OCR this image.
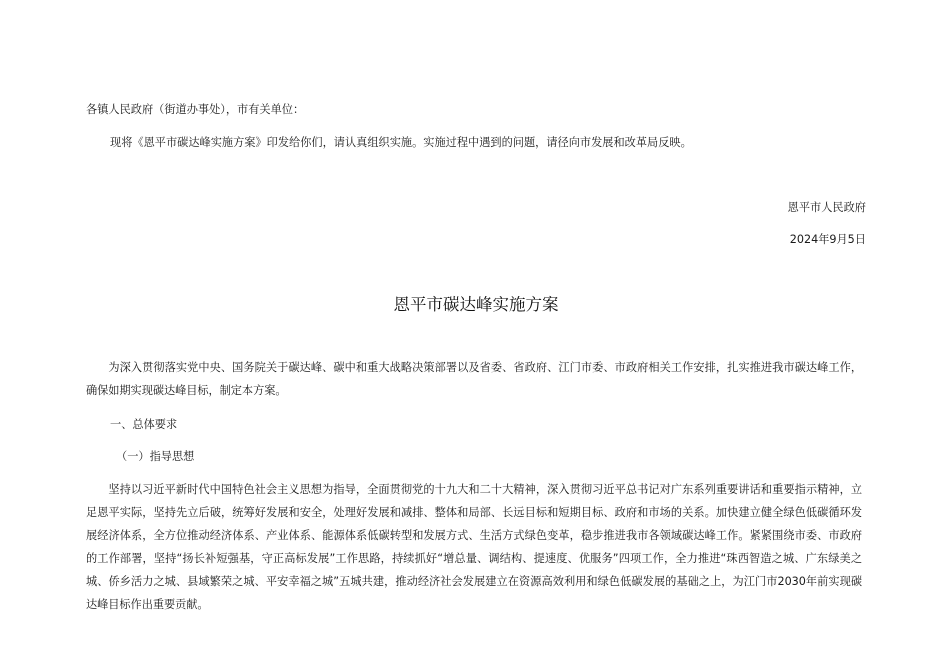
各镇人民政府（街道办事处），市有关单位：
现将《恩平市碳达峰实施方案》印发给你们，请认真组织实施。实施过程中遇到的问题，请径向市发展和改革局反映。
恩平市人民政府
2024年9月5日
恩平市碳达峰实施方案
为深入贯彻落实党中央、国务院关于碳达峰、碳中和重大战略决策部署以及省委、省政府、江门市委、市政府相关工作安排，扎实推进我市碳达峰工作，确保如期实现碳达峰目标，制定本方案。
一、总体要求
（一）指导思想
坚持以习近平新时代中国特色社会主义思想为指导，全面贯彻党的十九大和二十大精神，深入贯彻习近平总书记对广东系列重要讲话和重要指示精神，立足恩平实际，坚持先立后破，统筹好发展和安全，处理好发展和减排、整体和局部、长远目标和短期目标、政府和市场的关系。加快建立健全绿色低碳循环发展经济体系，全方位推动经济体系、产业体系、能源体系低碳转型和发展方式、生活方式绿色变革，稳步推进我市各领域碳达峰工作。紧紧围绕市委、市政府的工作部署，坚持“扬长补短强基，守正高标发展”工作思路，持续抓好“增总量、调结构、提速度、优服务”四项工作，全力推进“珠西智造之城、广东绿美之城、侨乡活力之城、县域繁荣之城、平安幸福之城”五城共建，推动经济社会发展建立在资源高效利用和绿色低碳发展的基础之上，为江门市2030年前实现碳达峰目标作出重要贡献。
